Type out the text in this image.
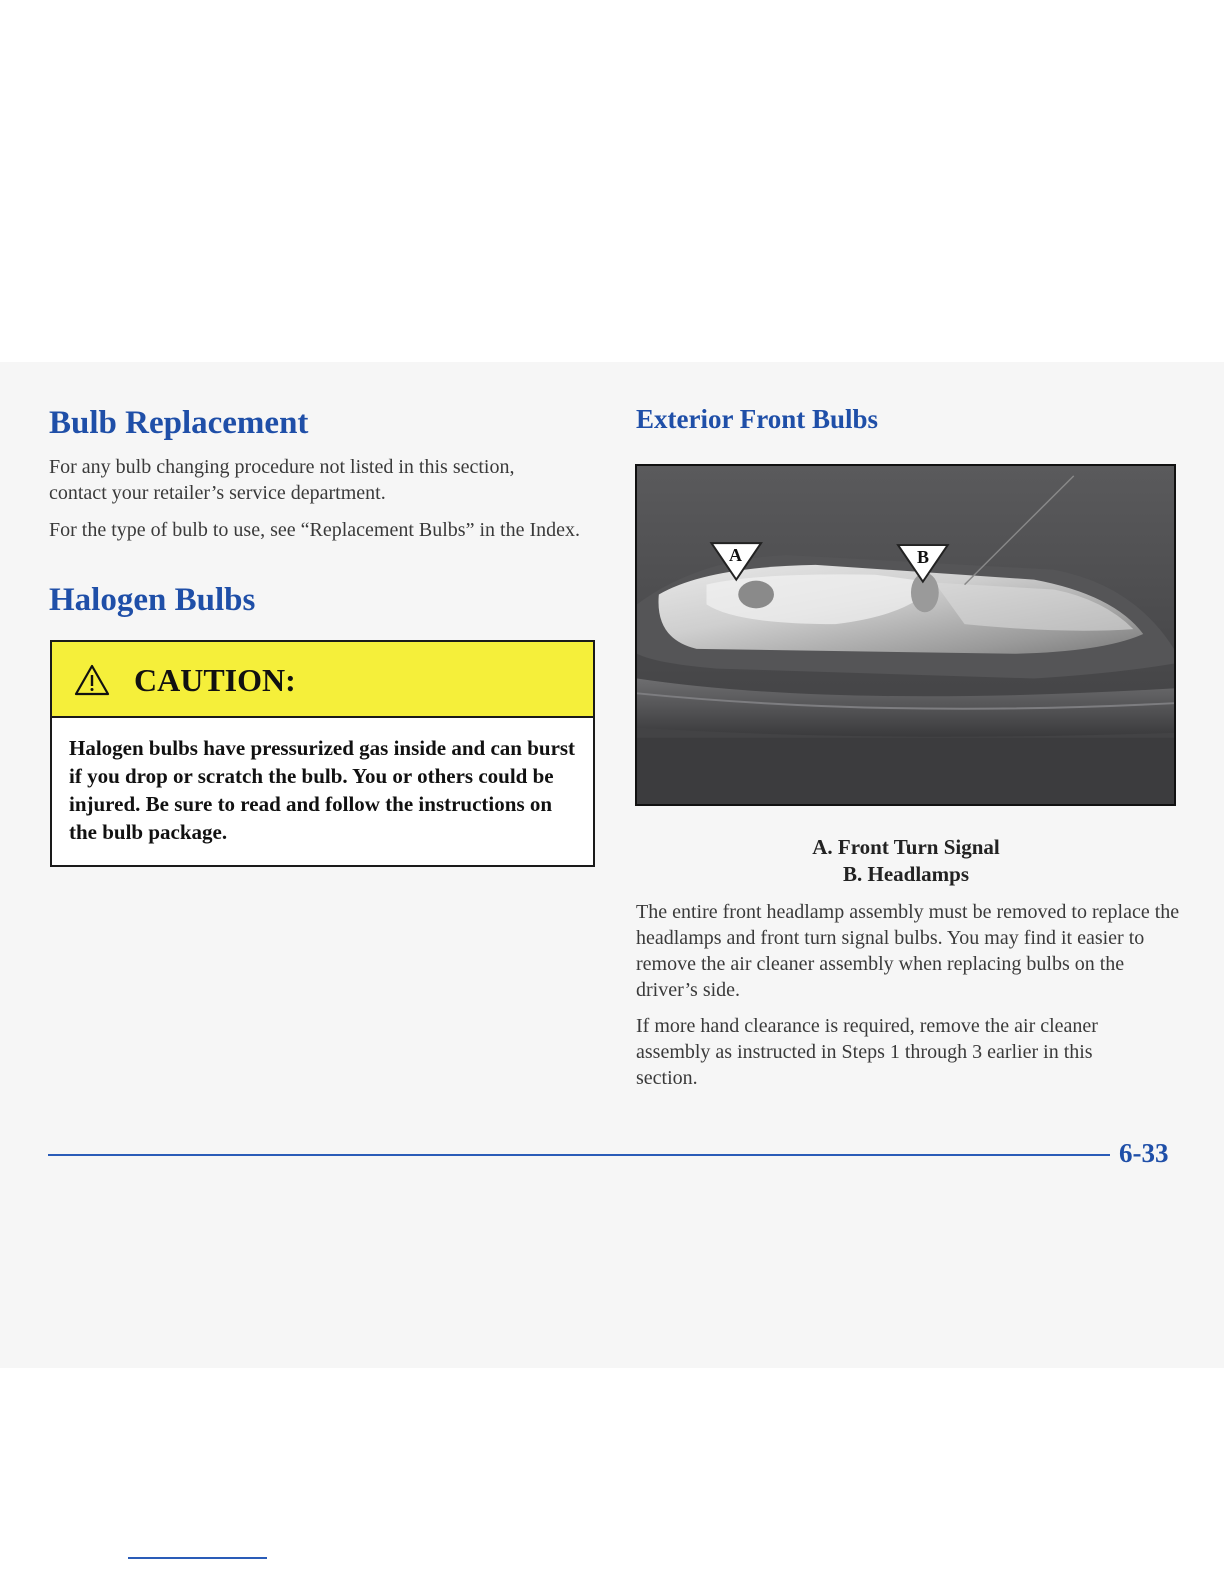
Bulb Replacement

For any bulb changing procedure not listed in this section, contact your retailer’s service department.

For the type of bulb to use, see “Replacement Bulbs” in the Index.

Halogen Bulbs
CAUTION:

Halogen bulbs have pressurized gas inside and can burst if you drop or scratch the bulb. You or others could be injured. Be sure to read and follow the instructions on the bulb package.

Exterior Front Bulbs
A	B
A. Front Turn Signal
B. Headlamps

The entire front headlamp assembly must be removed to replace the headlamps and front turn signal bulbs. You may find it easier to remove the air cleaner assembly when replacing bulbs on the driver’s side.

If more hand clearance is required, remove the air cleaner assembly as instructed in Steps 1 through 3 earlier in this section.

6-33
